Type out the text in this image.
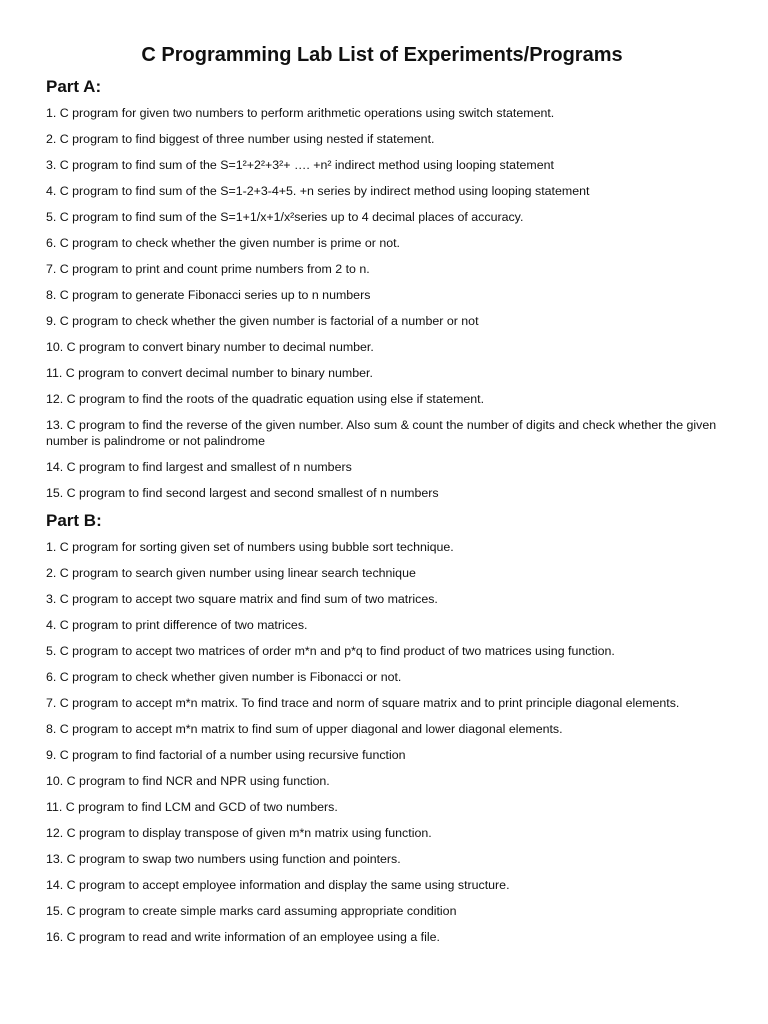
C Programming Lab List of Experiments/Programs
Part A:
1. C program for given two numbers to perform arithmetic operations using switch statement.
2. C program to find biggest of three number using nested if statement.
3. C program to find sum of the S=1²+2²+3²+ …. +n² indirect method using looping statement
4. C program to find sum of the S=1-2+3-4+5. +n series by indirect method using looping statement
5. C program to find sum of the S=1+1/x+1/x²series up to 4 decimal places of accuracy.
6. C program to check whether the given number is prime or not.
7. C program to print and count prime numbers from 2 to n.
8. C program to generate Fibonacci series up to n numbers
9. C program to check whether the given number is factorial of a number or not
10. C program to convert binary number to decimal number.
11. C program to convert decimal number to binary number.
12. C program to find the roots of the quadratic equation using else if statement.
13. C program to find the reverse of the given number. Also sum & count the number of digits and check whether the given number is palindrome or not palindrome
14. C program to find largest and smallest of n numbers
15. C program to find second largest and second smallest of n numbers
Part B:
1. C program for sorting given set of numbers using bubble sort technique.
2. C program to search given number using linear search technique
3. C program to accept two square matrix and find sum of two matrices.
4. C program to print difference of two matrices.
5. C program to accept two matrices of order m*n and p*q to find product of two matrices using function.
6. C program to check whether given number is Fibonacci or not.
7. C program to accept m*n matrix. To find trace and norm of square matrix and to print principle diagonal elements.
8. C program to accept m*n matrix to find sum of upper diagonal and lower diagonal elements.
9. C program to find factorial of a number using recursive function
10. C program to find NCR and NPR using function.
11. C program to find LCM and GCD of two numbers.
12. C program to display transpose of given m*n matrix using function.
13. C program to swap two numbers using function and pointers.
14. C program to accept employee information and display the same using structure.
15. C program to create simple marks card assuming appropriate condition
16. C program to read and write information of an employee using a file.
